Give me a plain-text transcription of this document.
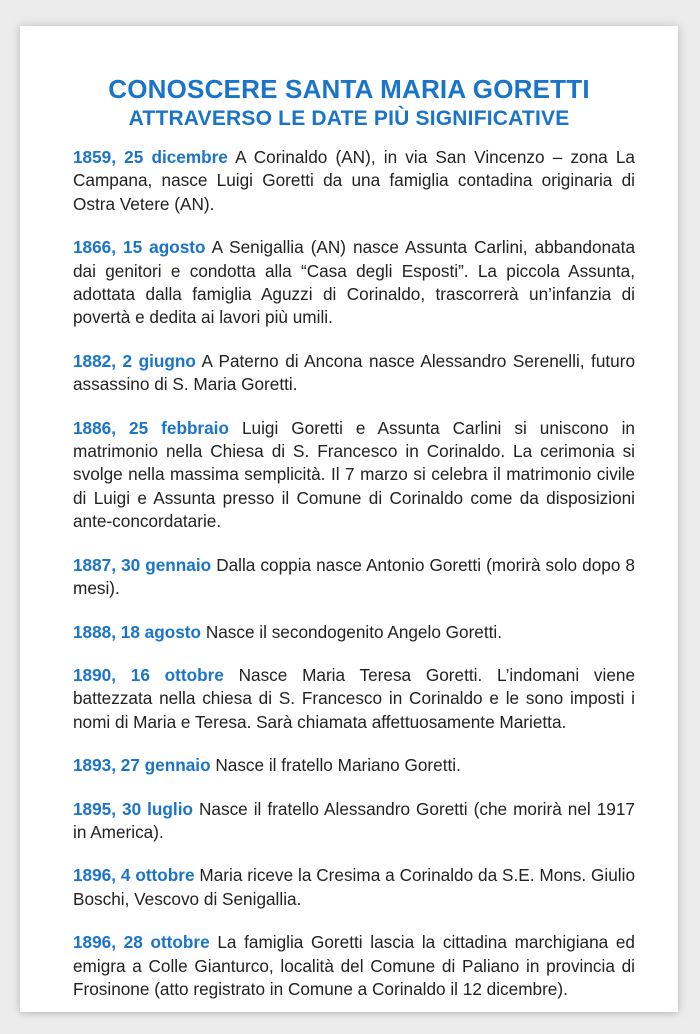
CONOSCERE SANTA MARIA GORETTI
ATTRAVERSO LE DATE PIÙ SIGNIFICATIVE

1859, 25 dicembre A Corinaldo (AN), in via San Vincenzo – zona La Campana, nasce Luigi Goretti da una famiglia contadina originaria di Ostra Vetere (AN).

1866, 15 agosto A Senigallia (AN) nasce Assunta Carlini, abbandonata dai genitori e condotta alla “Casa degli Esposti”. La piccola Assunta, adottata dalla famiglia Aguzzi di Corinaldo, trascorrerà un’infanzia di povertà e dedita ai lavori più umili.

1882, 2 giugno A Paterno di Ancona nasce Alessandro Serenelli, futuro assassino di S. Maria Goretti.

1886, 25 febbraio Luigi Goretti e Assunta Carlini si uniscono in matrimonio nella Chiesa di S. Francesco in Corinaldo. La cerimonia si svolge nella massima semplicità. Il 7 marzo si celebra il matrimonio civile di Luigi e Assunta presso il Comune di Corinaldo come da disposizioni ante-concordatarie.

1887, 30 gennaio Dalla coppia nasce Antonio Goretti (morirà solo dopo 8 mesi).

1888, 18 agosto Nasce il secondogenito Angelo Goretti.

1890, 16 ottobre Nasce Maria Teresa Goretti. L’indomani viene battezzata nella chiesa di S. Francesco in Corinaldo e le sono imposti i nomi di Maria e Teresa. Sarà chiamata affettuosamente Marietta.

1893, 27 gennaio Nasce il fratello Mariano Goretti.

1895, 30 luglio Nasce il fratello Alessandro Goretti (che morirà nel 1917 in America).

1896, 4 ottobre Maria riceve la Cresima a Corinaldo da S.E. Mons. Giulio Boschi, Vescovo di Senigallia.

1896, 28 ottobre La famiglia Goretti lascia la cittadina marchigiana ed emigra a Colle Gianturco, località del Comune di Paliano in provincia di Frosinone (atto registrato in Comune a Corinaldo il 12 dicembre).
